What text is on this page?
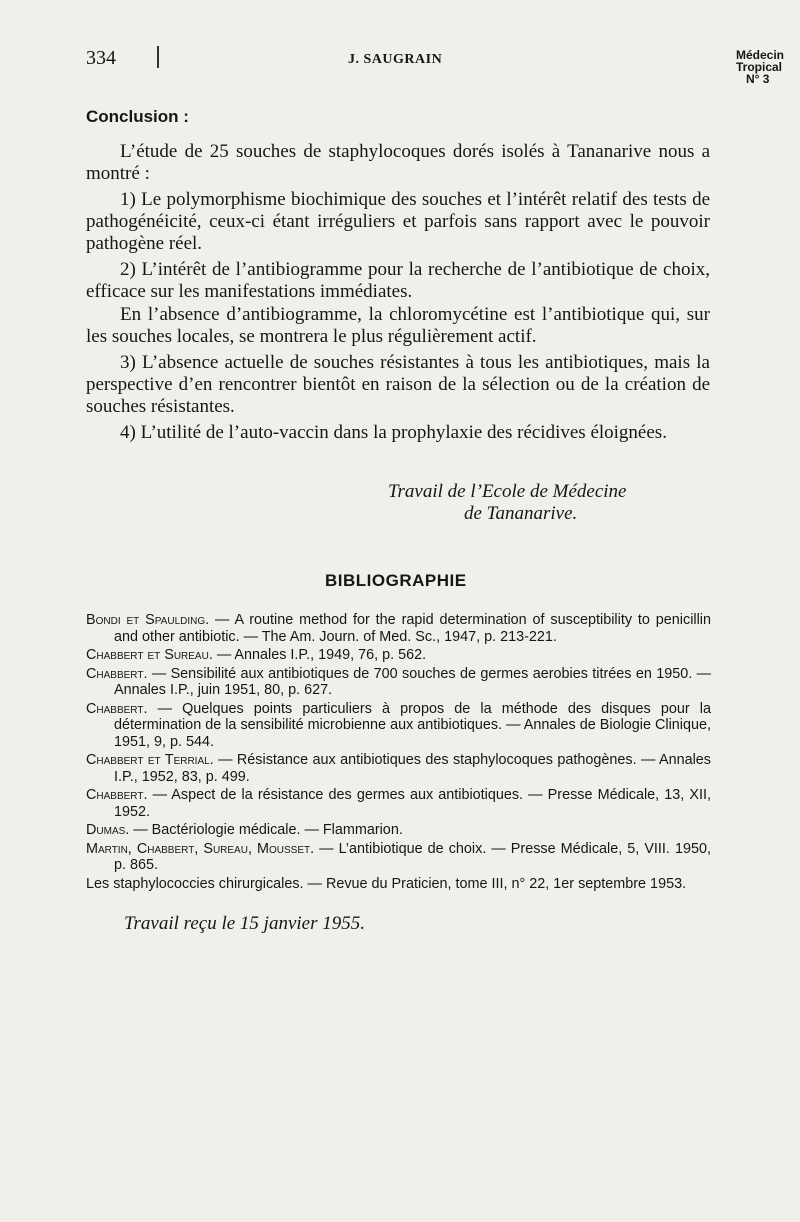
334	J. SAUGRAIN	Médecin
Tropical
N° 3
Conclusion :
L’étude de 25 souches de staphylocoques dorés isolés à Tananarive nous a montré :
1) Le polymorphisme biochimique des souches et l’intérêt relatif des tests de pathogénéicité, ceux-ci étant irréguliers et parfois sans rapport avec le pouvoir pathogène réel.
2) L’intérêt de l’antibiogramme pour la recherche de l’antibiotique de choix, efficace sur les manifestations immédiates.
En l’absence d’antibiogramme, la chloromycétine est l’antibiotique qui, sur les souches locales, se montrera le plus régulièrement actif.
3) L’absence actuelle de souches résistantes à tous les antibiotiques, mais la perspective d’en rencontrer bientôt en raison de la sélection ou de la création de souches résistantes.
4) L’utilité de l’auto-vaccin dans la prophylaxie des récidives éloignées.
Travail de l’Ecole de Médecine
de Tananarive.
BIBLIOGRAPHIE
Bondi et Spaulding. — A routine method for the rapid determination of susceptibility to penicillin and other antibiotic. — The Am. Journ. of Med. Sc., 1947, p. 213-221.
Chabbert et Sureau. — Annales I.P., 1949, 76, p. 562.
Chabbert. — Sensibilité aux antibiotiques de 700 souches de germes aerobies titrées en 1950. — Annales I.P., juin 1951, 80, p. 627.
Chabbert. — Quelques points particuliers à propos de la méthode des disques pour la détermination de la sensibilité microbienne aux antibiotiques. — Annales de Biologie Clinique, 1951, 9, p. 544.
Chabbert et Terrial. — Résistance aux antibiotiques des staphylocoques pathogènes. — Annales I.P., 1952, 83, p. 499.
Chabbert. — Aspect de la résistance des germes aux antibiotiques. — Presse Médicale, 13, XII, 1952.
Dumas. — Bactériologie médicale. — Flammarion.
Martin, Chabbert, Sureau, Mousset. — L’antibiotique de choix. — Presse Médicale, 5, VIII. 1950, p. 865.
Les staphylococcies chirurgicales. — Revue du Praticien, tome III, n° 22, 1er septembre 1953.
Travail reçu le 15 janvier 1955.
